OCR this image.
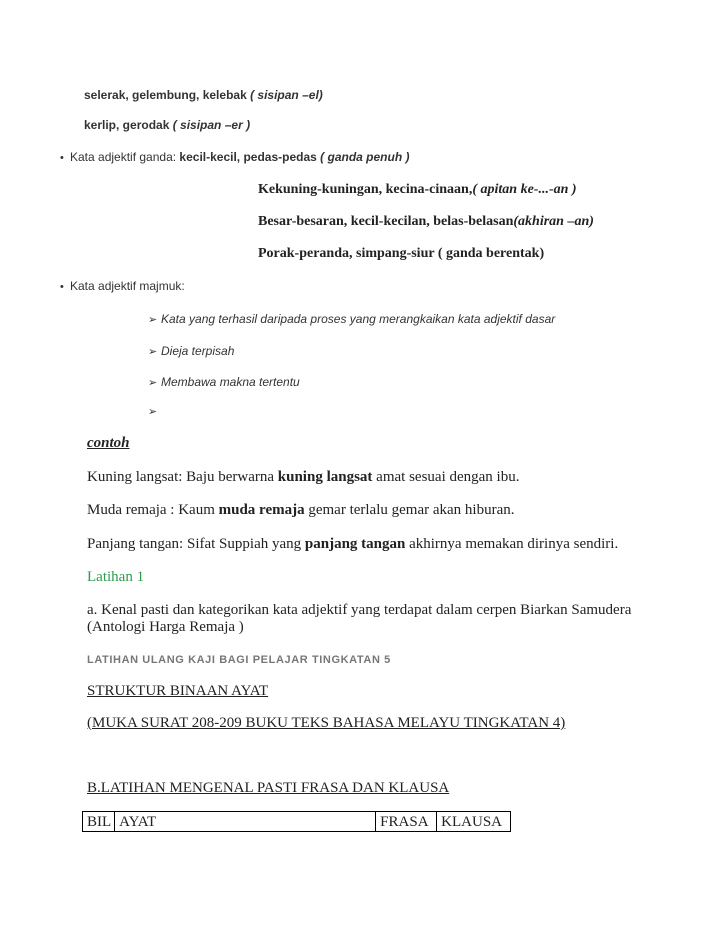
selerak, gelembung, kelebak ( sisipan –el)
kerlip, gerodak ( sisipan –er )
• Kata adjektif ganda: kecil-kecil, pedas-pedas ( ganda penuh )
Kekuning-kuningan, kecina-cinaan,( apitan ke-...-an )
Besar-besaran, kecil-kecilan, belas-belasan(akhiran –an)
Porak-peranda, simpang-siur ( ganda berentak)
• Kata adjektif majmuk:
➢ Kata yang terhasil daripada proses yang merangkaikan kata adjektif dasar
➢ Dieja terpisah
➢ Membawa makna tertentu
➢
contoh
Kuning langsat: Baju berwarna kuning langsat amat sesuai dengan ibu.
Muda remaja : Kaum muda remaja gemar terlalu gemar akan hiburan.
Panjang tangan: Sifat Suppiah yang panjang tangan akhirnya memakan dirinya sendiri.
Latihan 1
a. Kenal pasti dan kategorikan kata adjektif yang terdapat dalam cerpen Biarkan Samudera
(Antologi Harga Remaja )
LATIHAN ULANG KAJI BAGI PELAJAR TINGKATAN 5
STRUKTUR BINAAN AYAT
(MUKA SURAT 208-209 BUKU TEKS BAHASA MELAYU TINGKATAN 4)
B.LATIHAN MENGENAL PASTI FRASA DAN KLAUSA
BIL	AYAT	FRASA	KLAUSA
